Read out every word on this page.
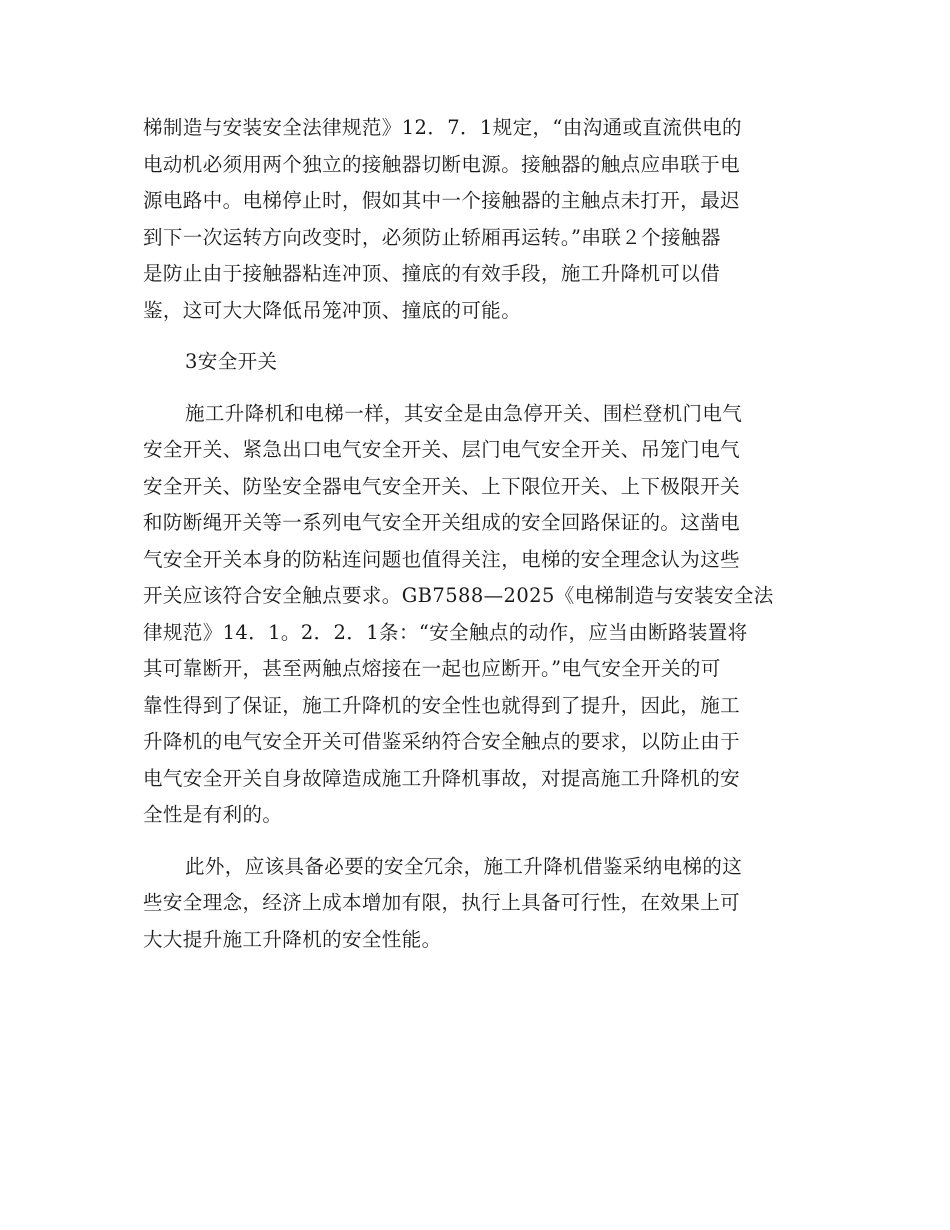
梯制造与安装安全法律规范》12．7．1规定，“由沟通或直流供电的
电动机必须用两个独立的接触器切断电源。接触器的触点应串联于电
源电路中。电梯停止时，假如其中一个接触器的主触点未打开，最迟
到下一次运转方向改变时，必须防止轿厢再运转。”串联２个接触器
是防止由于接触器粘连冲顶、撞底的有效手段，施工升降机可以借
鉴，这可大大降低吊笼冲顶、撞底的可能。

3安全开关

施工升降机和电梯一样，其安全是由急停开关、围栏登机门电气
安全开关、紧急出口电气安全开关、层门电气安全开关、吊笼门电气
安全开关、防坠安全器电气安全开关、上下限位开关、上下极限开关
和防断绳开关等一系列电气安全开关组成的安全回路保证的。这凿电
气安全开关本身的防粘连问题也值得关注，电梯的安全理念认为这些
开关应该符合安全触点要求。GB7588—2025《电梯制造与安装安全法
律规范》14．1。2．2．1条：“安全触点的动作，应当由断路装置将
其可靠断开，甚至两触点熔接在一起也应断开。”电气安全开关的可
靠性得到了保证，施工升降机的安全性也就得到了提升，因此，施工
升降机的电气安全开关可借鉴采纳符合安全触点的要求，以防止由于
电气安全开关自身故障造成施工升降机事故，对提高施工升降机的安
全性是有利的。

此外，应该具备必要的安全冗余，施工升降机借鉴采纳电梯的这
些安全理念，经济上成本增加有限，执行上具备可行性，在效果上可
大大提升施工升降机的安全性能。
